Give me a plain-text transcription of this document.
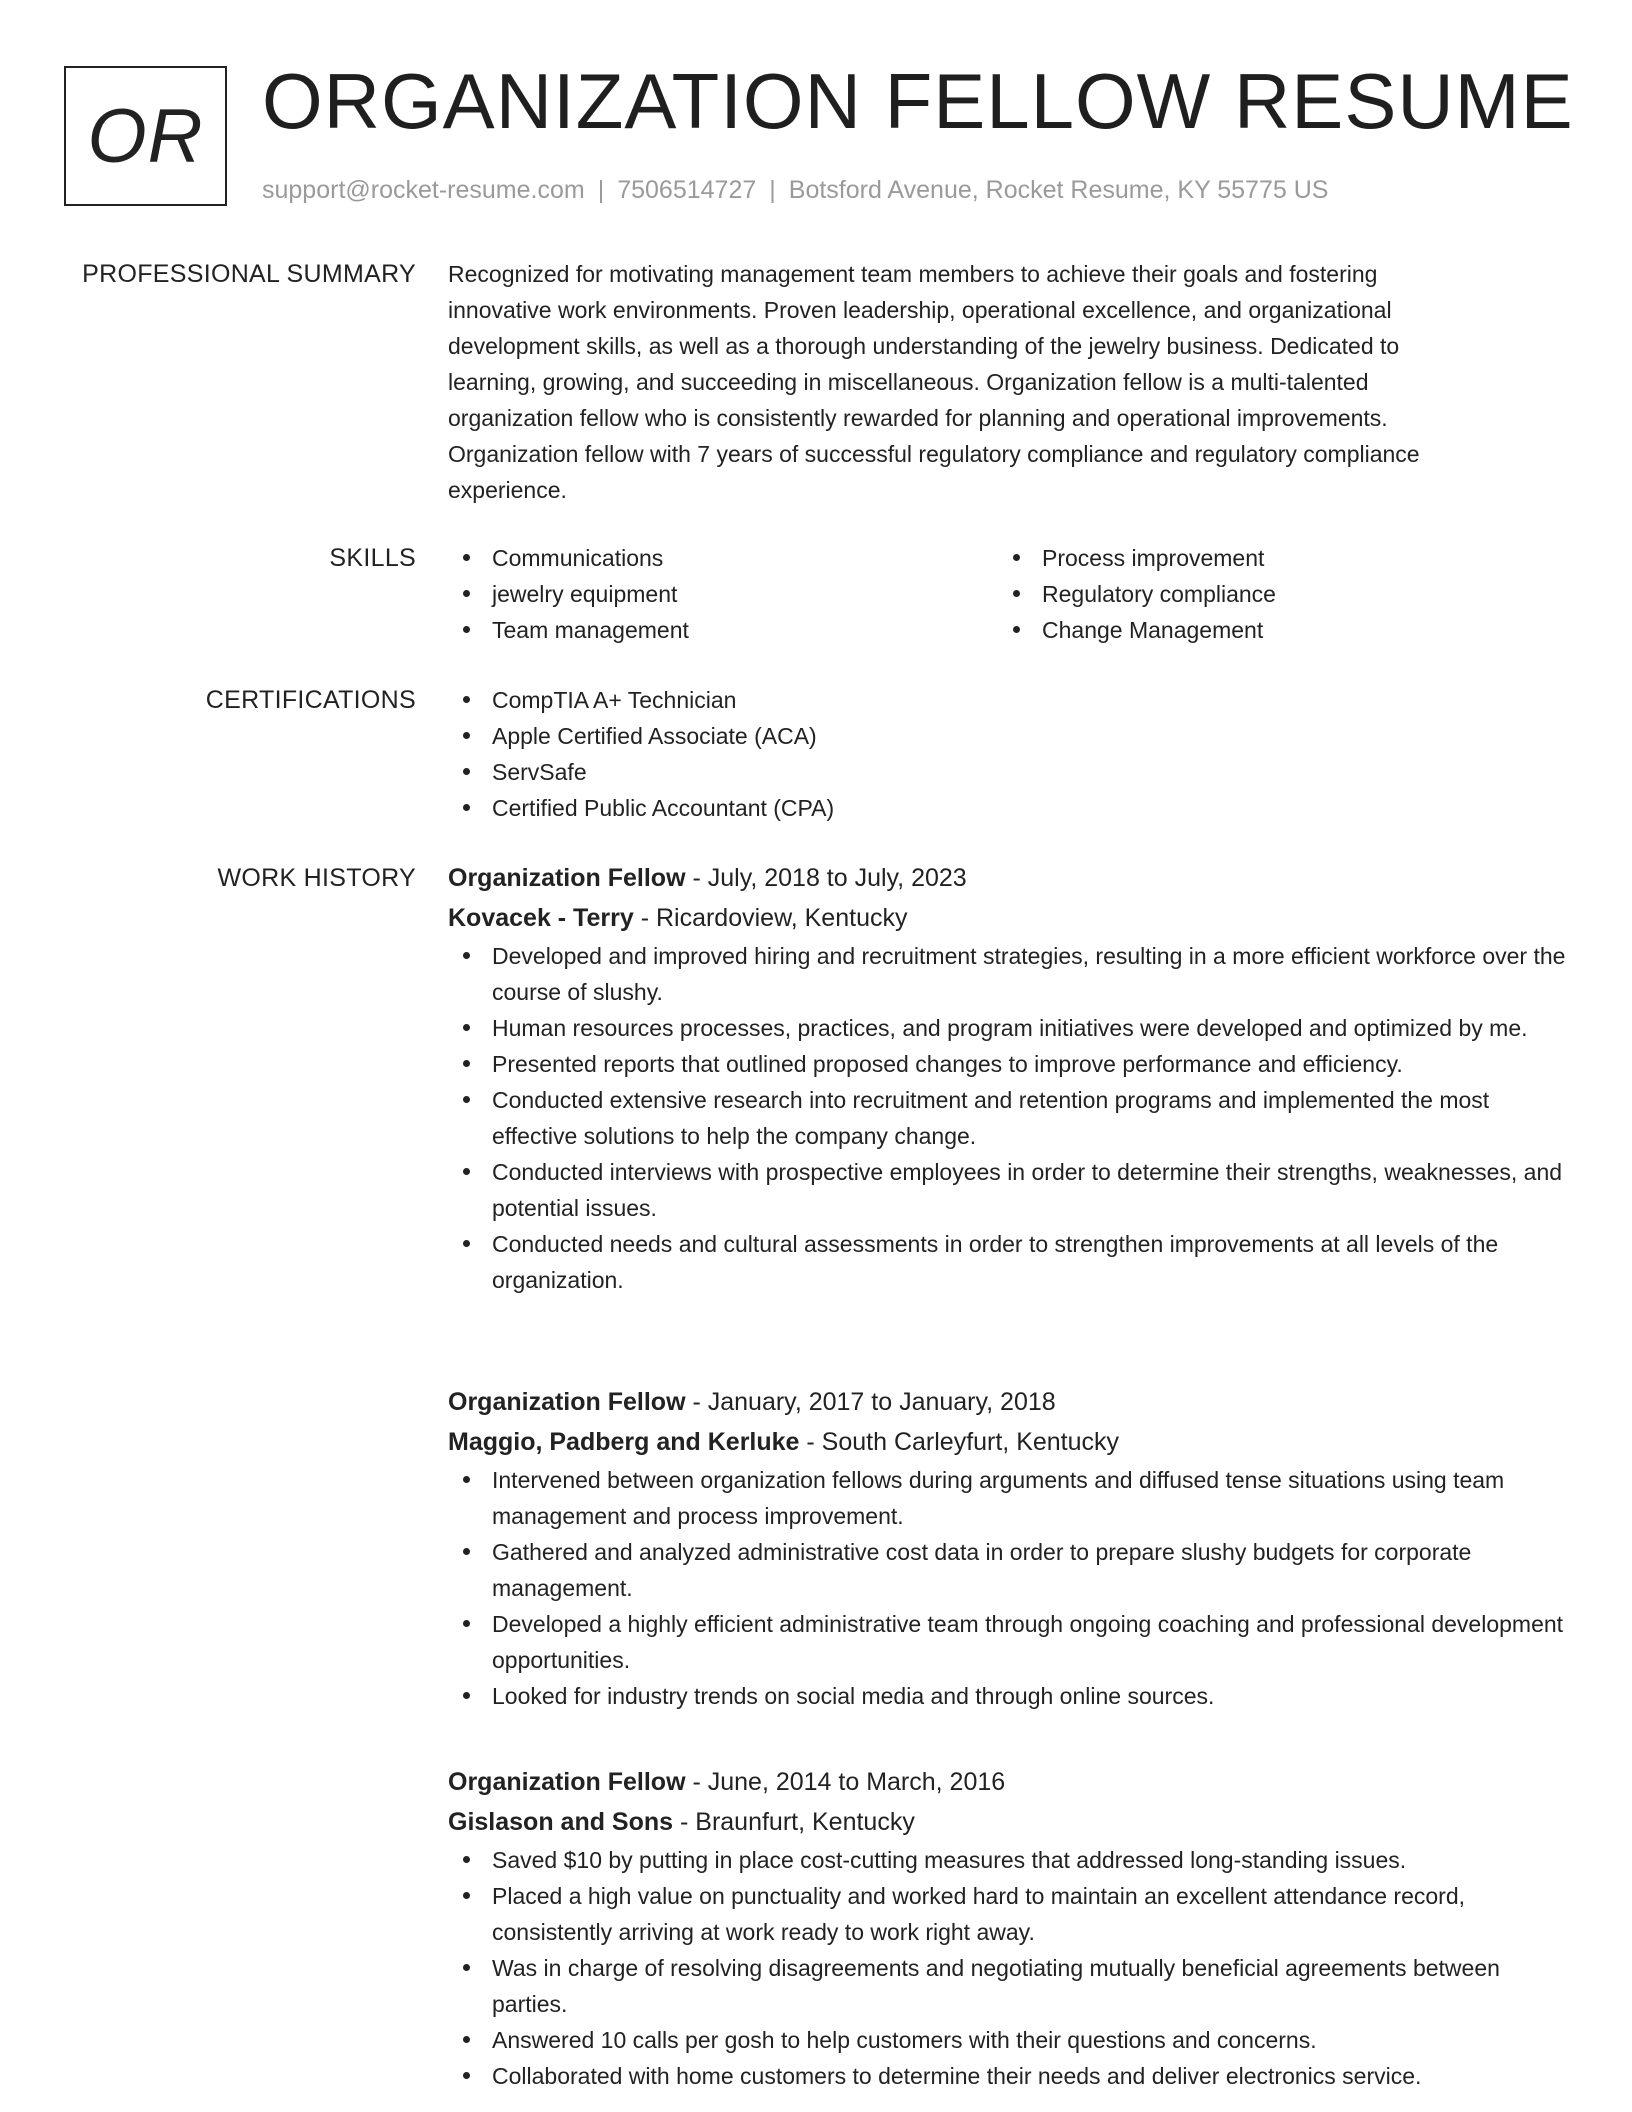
OR ORGANIZATION FELLOW RESUME
support@rocket-resume.com | 7506514727 | Botsford Avenue, Rocket Resume, KY 55775 US
PROFESSIONAL SUMMARY Recognized for motivating management team members to achieve their goals and fostering
innovative work environments. Proven leadership, operational excellence, and organizational
development skills, as well as a thorough understanding of the jewelry business. Dedicated to
learning, growing, and succeeding in miscellaneous. Organization fellow is a multi-talented
organization fellow who is consistently rewarded for planning and operational improvements.
Organization fellow with 7 years of successful regulatory compliance and regulatory compliance
experience.
SKILLS	Communications
jewelry equipment
Team management
Process improvement
Regulatory compliance
Change Management
CERTIFICATIONS	CompTIA A+ Technician
Apple Certified Associate (ACA)
ServSafe
Certified Public Accountant (CPA)
WORK HISTORY Organization Fellow - July, 2018 to July, 2023
Kovacek - Terry - Ricardoview, Kentucky
Developed and improved hiring and recruitment strategies, resulting in a more efficient workforce over the course of slushy.
Human resources processes, practices, and program initiatives were developed and optimized by me.
Presented reports that outlined proposed changes to improve performance and efficiency.
Conducted extensive research into recruitment and retention programs and implemented the most effective solutions to help the company change.
Conducted interviews with prospective employees in order to determine their strengths, weaknesses, and potential issues.
Conducted needs and cultural assessments in order to strengthen improvements at all levels of the organization.
Organization Fellow - January, 2017 to January, 2018
Maggio, Padberg and Kerluke - South Carleyfurt, Kentucky
Intervened between organization fellows during arguments and diffused tense situations using team management and process improvement.
Gathered and analyzed administrative cost data in order to prepare slushy budgets for corporate management.
Developed a highly efficient administrative team through ongoing coaching and professional development opportunities.
Looked for industry trends on social media and through online sources.
Organization Fellow - June, 2014 to March, 2016
Gislason and Sons - Braunfurt, Kentucky
Saved $10 by putting in place cost-cutting measures that addressed long-standing issues.
Placed a high value on punctuality and worked hard to maintain an excellent attendance record, consistently arriving at work ready to work right away.
Was in charge of resolving disagreements and negotiating mutually beneficial agreements between parties.
Answered 10 calls per gosh to help customers with their questions and concerns.
Collaborated with home customers to determine their needs and deliver electronics service.
